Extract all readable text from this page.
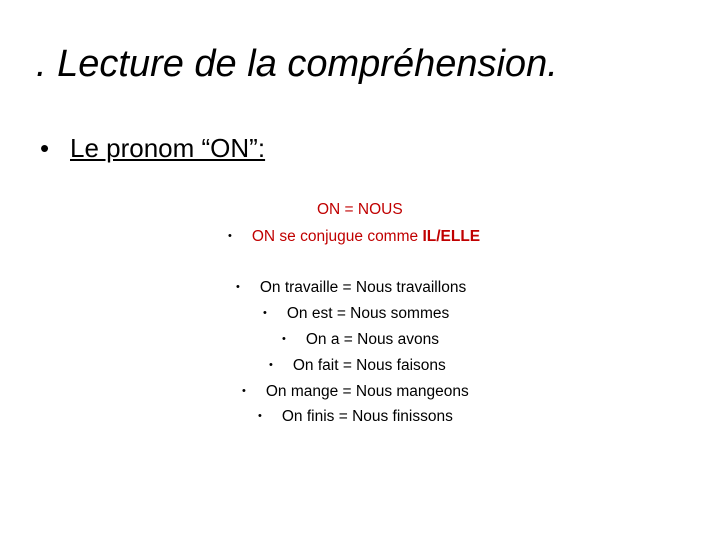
. Lecture de la compréhension.
• Le pronom “ON”:
ON = NOUS
• ON se conjugue comme IL/ELLE
• On travaille = Nous travaillons
• On est = Nous sommes
• On a = Nous avons
• On fait = Nous faisons
• On mange = Nous mangeons
• On finis = Nous finissons
